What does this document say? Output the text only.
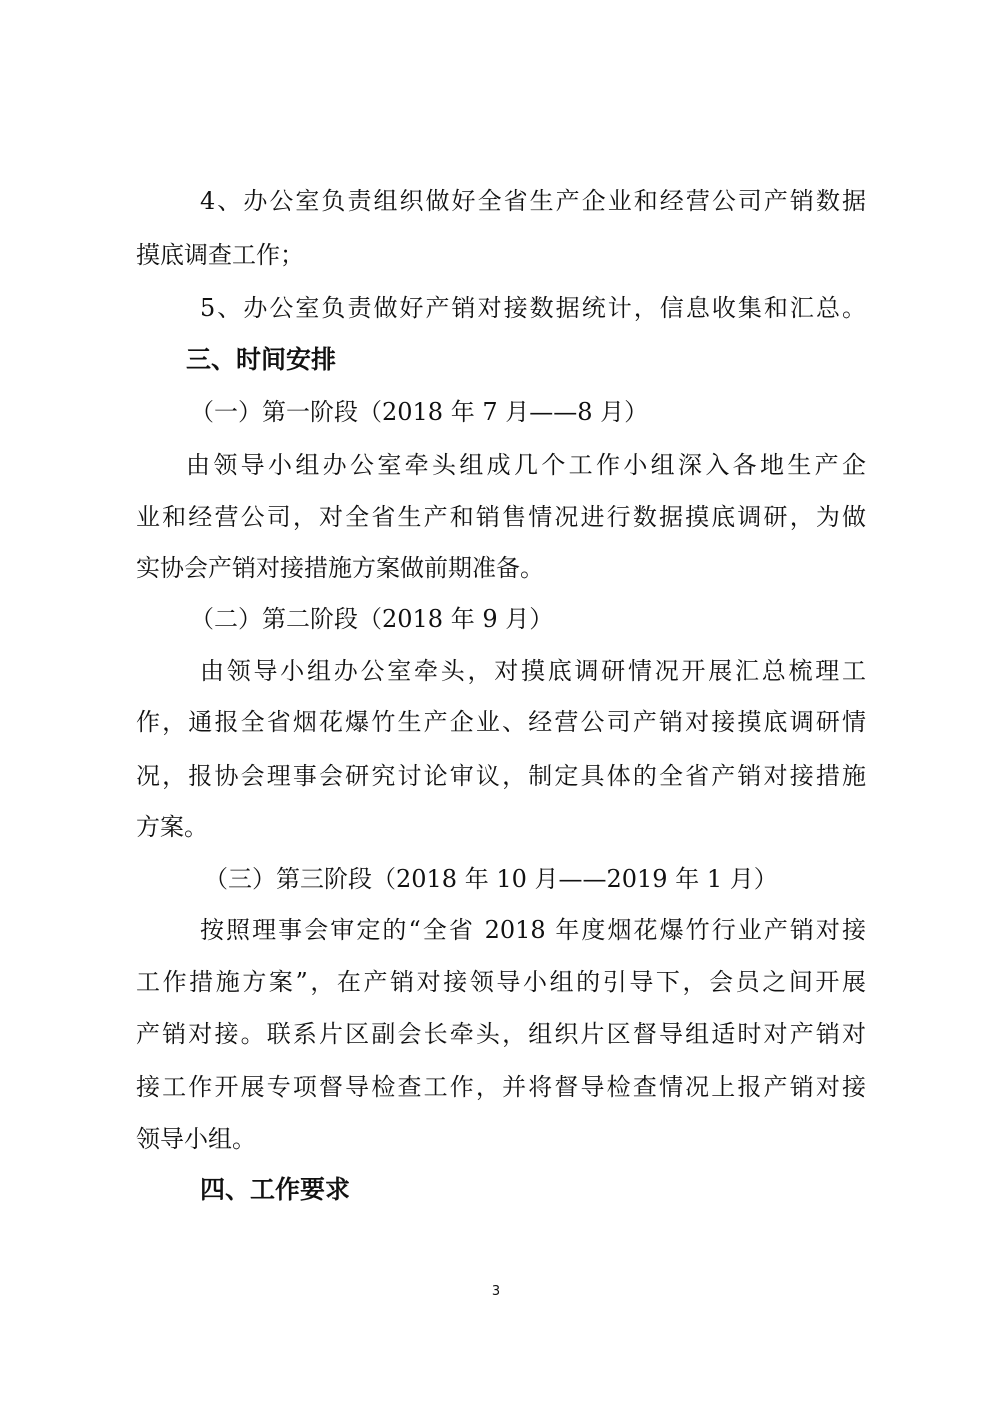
4、办公室负责组织做好全省生产企业和经营公司产销数据
摸底调查工作；
5、办公室负责做好产销对接数据统计，信息收集和汇总。
三、时间安排
（一）第一阶段（2018 年 7 月——8 月）
由领导小组办公室牵头组成几个工作小组深入各地生产企
业和经营公司，对全省生产和销售情况进行数据摸底调研，为做
实协会产销对接措施方案做前期准备。
（二）第二阶段（2018 年 9 月）
由领导小组办公室牵头，对摸底调研情况开展汇总梳理工
作，通报全省烟花爆竹生产企业、经营公司产销对接摸底调研情
况，报协会理事会研究讨论审议，制定具体的全省产销对接措施
方案。
（三）第三阶段（2018 年 10 月——2019 年 1 月）
按照理事会审定的“全省 2018 年度烟花爆竹行业产销对接
工作措施方案”，在产销对接领导小组的引导下，会员之间开展
产销对接。联系片区副会长牵头，组织片区督导组适时对产销对
接工作开展专项督导检查工作，并将督导检查情况上报产销对接
领导小组。
四、工作要求
3
